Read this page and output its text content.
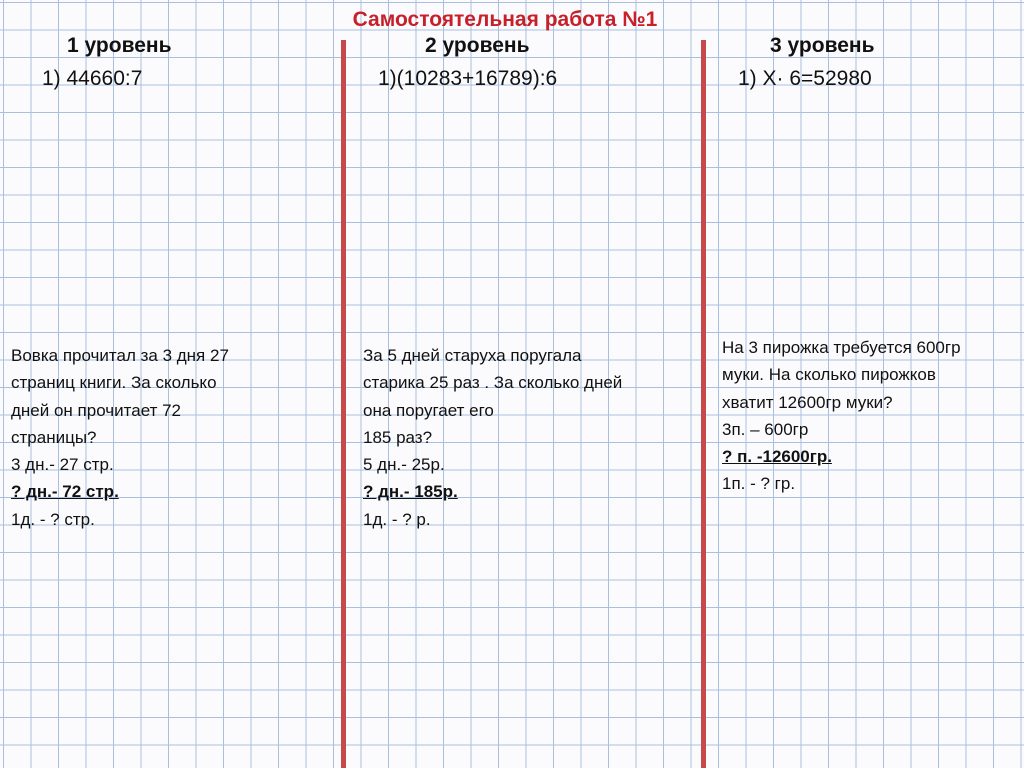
Самостоятельная работа №1
1 уровень	2 уровень	3 уровень
1) 44660:7	1)(10283+16789):6	1) Х· 6=52980
Вовка прочитал за 3 дня 27
страниц книги. За сколько
дней он прочитает 72
страницы?
3 дн.- 27 стр.
? дн.- 72 стр.
1д. - ? стр.
За 5 дней старуха поругала
старика 25 раз . За сколько дней
она поругает его
185 раз?
5 дн.- 25р.
? дн.- 185р.
1д. - ? р.
На 3 пирожка требуется 600гр
муки. На сколько пирожков
хватит 12600гр муки?
3п. – 600гр
? п. -12600гр.
1п. - ? гр.
